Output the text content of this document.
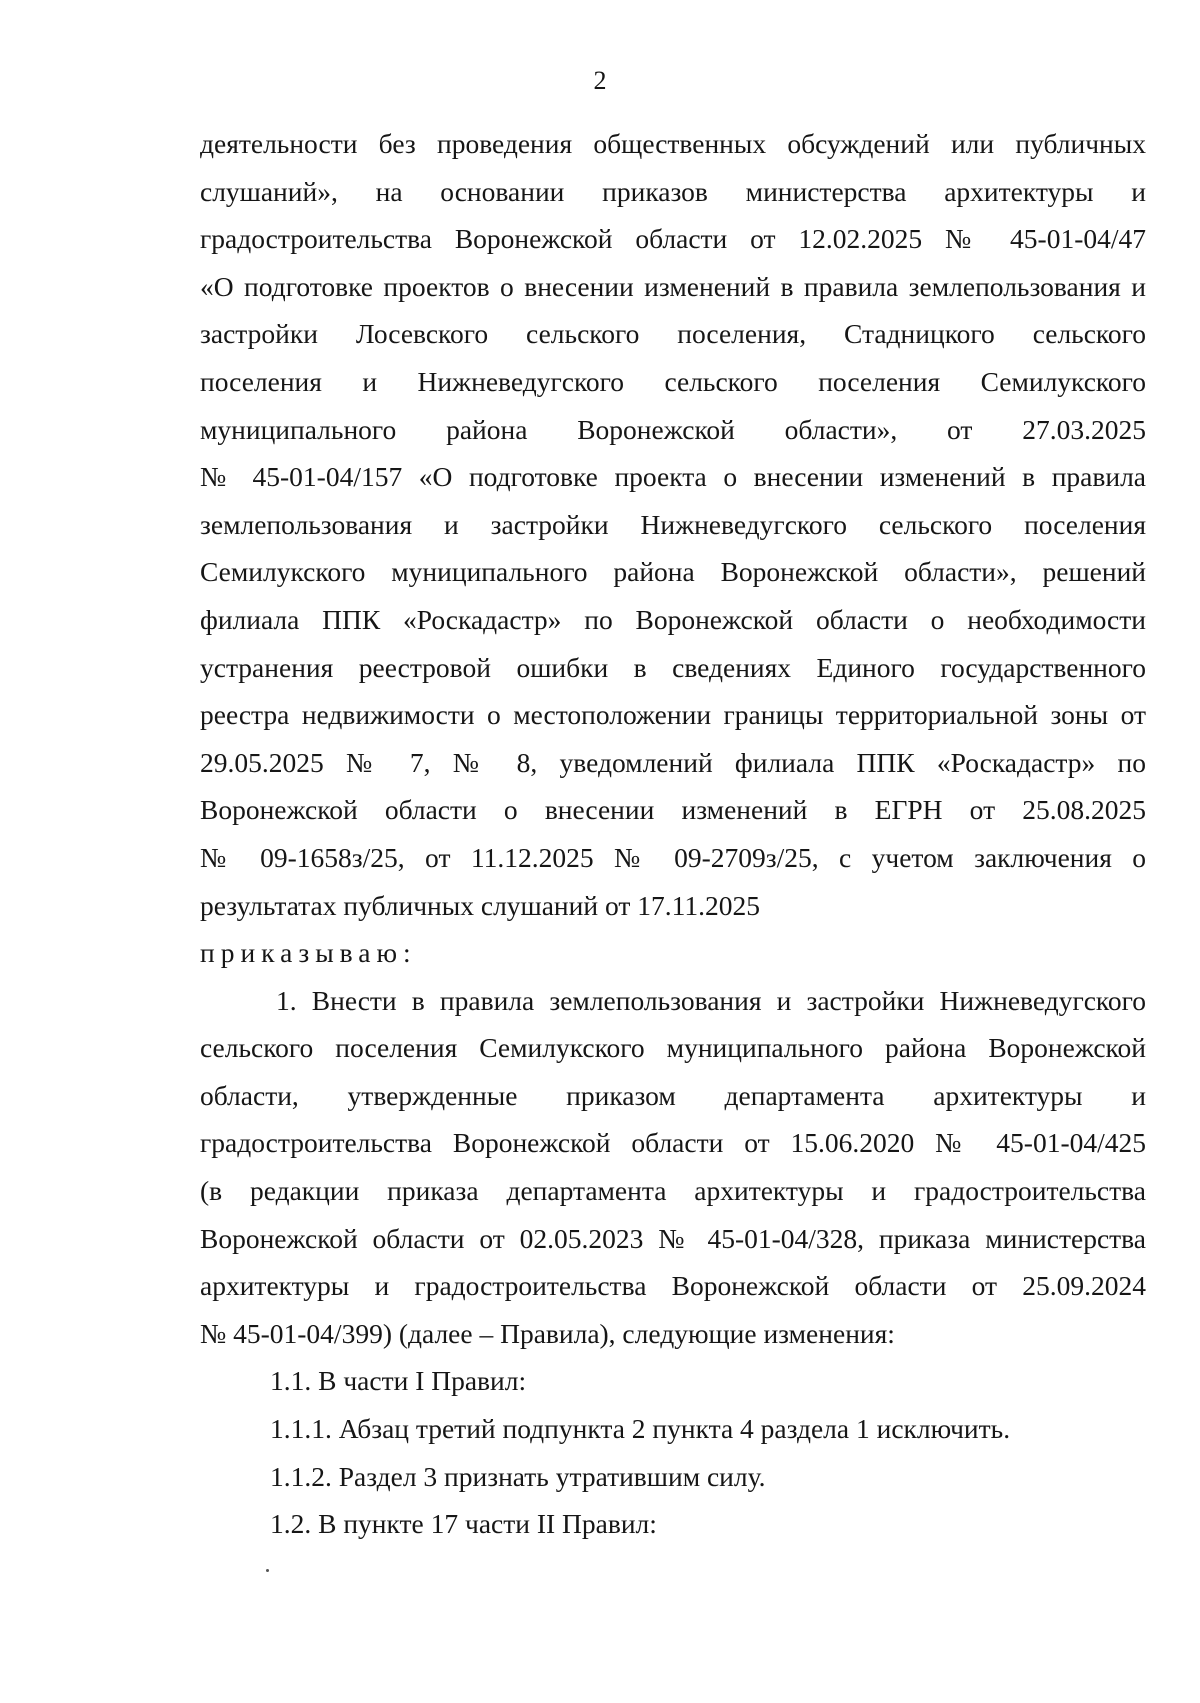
2
деятельности без проведения общественных обсуждений или публичных
слушаний», на основании приказов министерства архитектуры и
градостроительства Воронежской области от 12.02.2025 № 45-01-04/47
«О подготовке проектов о внесении изменений в правила землепользования и
застройки Лосевского сельского поселения, Стадницкого сельского
поселения и Нижневедугского сельского поселения Семилукского
муниципального района Воронежской области», от 27.03.2025
№ 45-01-04/157 «О подготовке проекта о внесении изменений в правила
землепользования и застройки Нижневедугского сельского поселения
Семилукского муниципального района Воронежской области», решений
филиала ППК «Роскадастр» по Воронежской области о необходимости
устранения реестровой ошибки в сведениях Единого государственного
реестра недвижимости о местоположении границы территориальной зоны от
29.05.2025 № 7, № 8, уведомлений филиала ППК «Роскадастр» по
Воронежской области о внесении изменений в ЕГРН от 25.08.2025
№ 09-1658з/25, от 11.12.2025 № 09-2709з/25, с учетом заключения о
результатах публичных слушаний от 17.11.2025
приказываю:
1. Внести в правила землепользования и застройки Нижневедугского
сельского поселения Семилукского муниципального района Воронежской
области, утвержденные приказом департамента архитектуры и
градостроительства Воронежской области от 15.06.2020 № 45-01-04/425
(в редакции приказа департамента архитектуры и градостроительства
Воронежской области от 02.05.2023 № 45-01-04/328, приказа министерства
архитектуры и градостроительства Воронежской области от 25.09.2024
№ 45-01-04/399) (далее – Правила), следующие изменения:
1.1. В части I Правил:
1.1.1. Абзац третий подпункта 2 пункта 4 раздела 1 исключить.
1.1.2. Раздел 3 признать утратившим силу.
1.2. В пункте 17 части II Правил:
